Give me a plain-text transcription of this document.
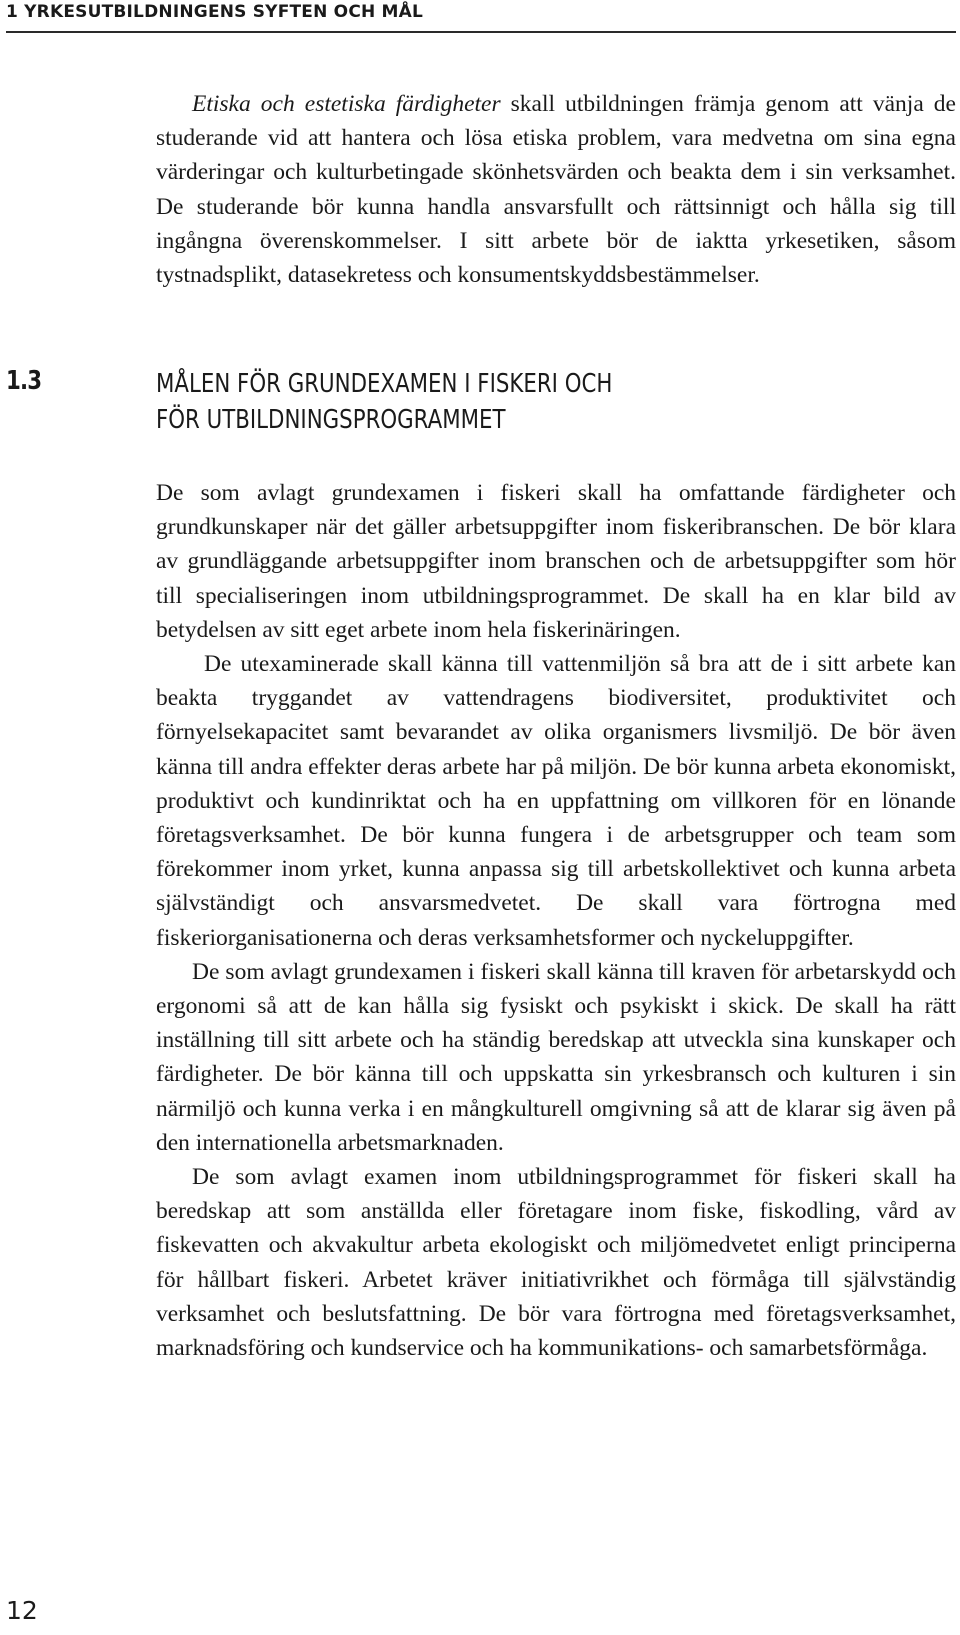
1 YRKESUTBILDNINGENS SYFTEN OCH MÅL

Etiska och estetiska färdigheter skall utbildningen främja genom att vänja de studerande vid att hantera och lösa etiska problem, vara medvetna om sina egna värderingar och kulturbetingade skönhetsvärden och beakta dem i sin verksamhet. De studerande bör kunna handla ansvarsfullt och rättsinnigt och hålla sig till ingångna överenskommelser. I sitt arbete bör de iaktta yrkesetiken, såsom tystnadsplikt, datasekretess och konsumentskyddsbestämmelser.

1.3	MÅLEN FÖR GRUNDEXAMEN I FISKERI OCH
FÖR UTBILDNINGSPROGRAMMET

De som avlagt grundexamen i fiskeri skall ha omfattande färdigheter och grundkunskaper när det gäller arbetsuppgifter inom fiskeribranschen. De bör klara av grundläggande arbetsuppgifter inom branschen och de arbetsuppgifter som hör till specialiseringen inom utbildningsprogrammet. De skall ha en klar bild av betydelsen av sitt eget arbete inom hela fiskerinäringen.

De utexaminerade skall känna till vattenmiljön så bra att de i sitt arbete kan beakta tryggandet av vattendragens biodiversitet, produktivitet och förnyelsekapacitet samt bevarandet av olika organismers livsmiljö. De bör även känna till andra effekter deras arbete har på miljön. De bör kunna arbeta ekonomiskt, produktivt och kundinriktat och ha en uppfattning om villkoren för en lönande företagsverksamhet. De bör kunna fungera i de arbetsgrupper och team som förekommer inom yrket, kunna anpassa sig till arbetskollektivet och kunna arbeta självständigt och ansvarsmedvetet. De skall vara förtrogna med fiskeriorganisationerna och deras verksamhetsformer och nyckeluppgifter.

De som avlagt grundexamen i fiskeri skall känna till kraven för arbetarskydd och ergonomi så att de kan hålla sig fysiskt och psykiskt i skick. De skall ha rätt inställning till sitt arbete och ha ständig beredskap att utveckla sina kunskaper och färdigheter. De bör känna till och uppskatta sin yrkesbransch och kulturen i sin närmiljö och kunna verka i en mångkulturell omgivning så att de klarar sig även på den internationella arbetsmarknaden.

De som avlagt examen inom utbildningsprogrammet för fiskeri skall ha beredskap att som anställda eller företagare inom fiske, fiskodling, vård av fiskevatten och akvakultur arbeta ekologiskt och miljömedvetet enligt principerna för hållbart fiskeri. Arbetet kräver initiativrikhet och förmåga till självständig verksamhet och beslutsfattning. De bör vara förtrogna med företagsverksamhet, marknadsföring och kundservice och ha kommunikations- och samarbetsförmåga.

12
